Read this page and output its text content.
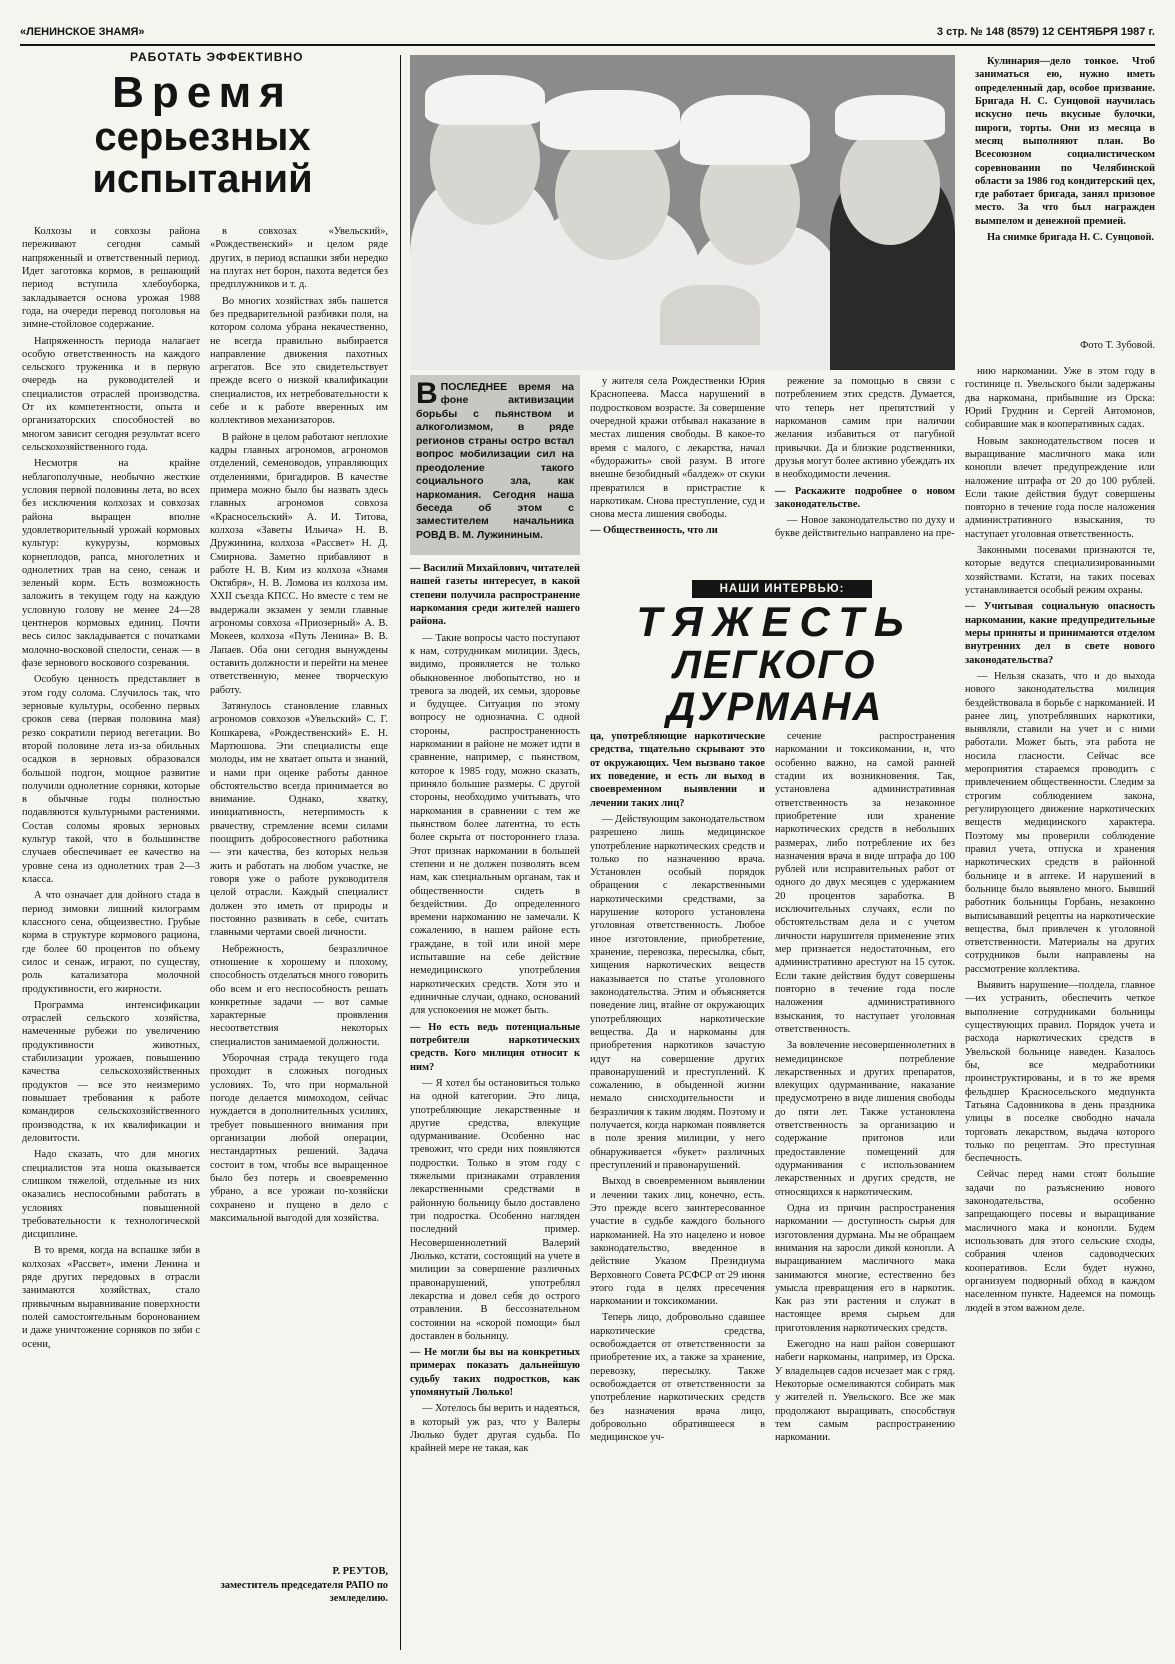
«ЛЕНИНСКОЕ ЗНАМЯ»	3 стр. № 148 (8579) 12 СЕНТЯБРЯ 1987 г.
РАБОТАТЬ ЭФФЕКТИВНО
Время
серьезных
испытаний

Колхозы и совхозы района переживают сегодня самый напряженный и ответственный период. Идет заготовка кормов, в решающий период вступила хлебоуборка, закладывается основа урожая 1988 года, на очереди перевод поголовья на зимне-стойловое содержание.

Напряженность периода налагает особую ответственность на каждого сельского труженика и в первую очередь на руководителей и специалистов отраслей производства. От их компетентности, опыта и организаторских способностей во многом зависит сегодня результат всего сельскохозяйственного года.

Несмотря на крайне неблагополучные, необычно жесткие условия первой половины лета, во всех без исключения колхозах и совхозах района выращен вполне удовлетворительный урожай кормовых культур: кукурузы, кормовых корнеплодов, рапса, многолетних и однолетних трав на сено, сенаж и зеленый корм. Есть возможность заложить в текущем году на каждую условную голову не менее 24—28 центнеров кормовых единиц. Почти весь силос закладывается с початками молочно-восковой спелости, сенаж — в фазе зернового воскового созревания.

Особую ценность представляет в этом году солома. Случилось так, что зерновые культуры, особенно первых сроков сева (первая половина мая) резко сократили период вегетации. Во второй половине лета из-за обильных осадков в зерновых образовался большой подгон, мощное развитие получили однолетние сорняки, которые в обычные годы полностью подавляются культурными растениями. Состав соломы яровых зерновых культур такой, что в большинстве случаев обеспечивает ее качество на уровне сена из однолетних трав 2—3 класса.

А что означает для дойного стада в период зимовки лишний килограмм классного сена, общеизвестно. Грубые корма в структуре кормового рациона, где более 60 процентов по объему силос и сенаж, играют, по существу, роль катализатора молочной продуктивности, его жирности.

Программа интенсификации отраслей сельского хозяйства, намеченные рубежи по увеличению продуктивности животных, стабилизации урожаев, повышению качества сельскохозяйственных продуктов — все это неизмеримо повышает требования к работе командиров сельскохозяйственного производства, к их квалификации и деловитости.

Надо сказать, что для многих специалистов эта ноша оказывается слишком тяжелой, отдельные из них оказались неспособными работать в условиях повышенной требовательности к технологической дисциплине.

В то время, когда на вспашке зяби в колхозах «Рассвет», имени Ленина и ряде других передовых в отрасли занимаются хозяйствах, стало привычным выравнивание поверхности полей самостоятельным боронованием и даже уничтожение сорняков по зяби с осени,

в совхозах «Увельский», «Рождественский» и целом ряде других, в период вспашки зяби нередко на плугах нет борон, пахота ведется без предплужников и т. д.

Во многих хозяйствах зябь пашется без предварительной разбивки поля, на котором солома убрана некачественно, не всегда правильно выбирается направление движения пахотных агрегатов. Все это свидетельствует прежде всего о низкой квалификации специалистов, их нетребовательности к себе и к работе вверенных им коллективов механизаторов.

В районе в целом работают неплохие кадры главных агрономов, агрономов отделений, семеноводов, управляющих отделениями, бригадиров. В качестве примера можно было бы назвать здесь главных агрономов совхоза «Красносельский» А. И. Титова, колхоза «Заветы Ильича» Н. В. Дружинина, колхоза «Рассвет» Н. Д. Смирнова. Заметно прибавляют в работе Н. В. Ким из колхоза «Знамя Октября», Н. В. Ломова из колхоза им. XXII съезда КПСС. Но вместе с тем не выдержали экзамен у земли главные агрономы совхоза «Приозерный» А. В. Мокеев, колхоза «Путь Ленина» В. В. Лапаев. Оба они сегодня вынуждены оставить должности и перейти на менее ответственную, менее творческую работу.

Затянулось становление главных агрономов совхозов «Увельский» С. Г. Кошкарева, «Рождественский» Е. Н. Мартюшова. Эти специалисты еще молоды, им не хватает опыта и знаний, и нами при оценке работы данное обстоятельство всегда принимается во внимание. Однако, хватку, инициативность, нетерпимость к рвачеству, стремление всеми силами поощрить добросовестного работника — эти качества, без которых нельзя жить и работать на любом участке, не говоря уже о работе руководителя целой отрасли. Каждый специалист должен это иметь от природы и постоянно развивать в себе, считать главными чертами своей личности.

Небрежность, безразличное отношение к хорошему и плохому, способность отделаться много говорить обо всем и его неспособность решать конкретные задачи — вот самые характерные проявления несоответствия некоторых специалистов занимаемой должности.

Уборочная страда текущего года проходит в сложных погодных условиях. То, что при нормальной погоде делается мимоходом, сейчас нуждается в дополнительных усилиях, требует повышенного внимания при организации любой операции, нестандартных решений. Задача состоит в том, чтобы все выращенное было без потерь и своевременно убрано, а все урожаи по-хозяйски сохранено и пущено в дело с максимальной выгодой для хозяйства.

Р. РЕУТОВ,
заместитель председателя РАПО по земледелию.

Кулинария—дело тонкое. Чтоб заниматься ею, нужно иметь определенный дар, особое призвание. Бригада Н. С. Сунцовой научилась искусно печь вкусные булочки, пироги, торты. Они из месяца в месяц выполняют план. Во Всесоюзном социалистическом соревновании по Челябинской области за 1986 год кондитерский цех, где работает бригада, занял призовое место. За что был награжден вымпелом и денежной премией.

На снимке бригада Н. С. Сунцовой.

Фото Т. Зубовой.
В ПОСЛЕДНЕЕ время на фоне активизации борьбы с пьянством и алкоголизмом, в ряде регионов страны остро встал вопрос мобилизации сил на преодоление такого социального зла, как наркомания. Сегодня наша беседа об этом с заместителем начальника РОВД В. М. Лужининым.

— Василий Михайлович, читателей нашей газеты интересует, в какой степени получила распространение наркомания среди жителей нашего района.

— Такие вопросы часто поступают к нам, сотрудникам милиции. Здесь, видимо, проявляется не только обыкновенное любопытство, но и тревога за людей, их семьи, здоровье и будущее. Ситуация по этому вопросу не однозначна. С одной стороны, распространенность наркомании в районе не может идти в сравнение, например, с пьянством, которое к 1985 году, можно сказать, приняло большие размеры. С другой стороны, необходимо учитывать, что наркомания в сравнении с тем же пьянством более латентна, то есть более скрыта от постороннего глаза. Этот признак наркомании в большей степени и не должен позволять всем нам, как специальным органам, так и общественности сидеть в бездействии. До определенного времени наркоманию не замечали. К сожалению, в нашем районе есть граждане, в той или иной мере испытавшие на себе действие немедицинского употребления наркотических средств. Хотя это и единичные случаи, однако, оснований для успокоения не может быть.

— Но есть ведь потенциальные потребители наркотических средств. Кого милиция относит к ним?

— Я хотел бы остановиться только на одной категории. Это лица, употребляющие лекарственные и другие средства, влекущие одурманивание. Особенно нас тревожит, что среди них появляются подростки. Только в этом году с тяжелыми признаками отравления лекарственными средствами в районную больницу было доставлено три подростка. Особенно нагляден последний пример. Несовершеннолетний Валерий Люлько, кстати, состоящий на учете в милиции за совершение различных правонарушений, употреблял лекарства и довел себя до острого отравления. В бессознательном состоянии на «скорой помощи» был доставлен в больницу.

— Не могли бы вы на конкретных примерах показать дальнейшую судьбу таких подростков, как упомянутый Люлько!

— Хотелось бы верить и надеяться, в который уж раз, что у Валеры Люлько будет другая судьба. По крайней мере не такая, как

у жителя села Рождественки Юрия Краснопеева. Масса нарушений в подростковом возрасте. За совершение очередной кражи отбывал наказание в местах лишения свободы. В какое-то время с малого, с лекарства, начал «будоражить» свой разум. В итоге внешне безобидный «балдеж» от скуки превратился в пристрастие к наркотикам. Снова преступление, суд и снова места лишения свободы.

— Общественность, что ли

режение за помощью в связи с потреблением этих средств. Думается, что теперь нет препятствий у наркоманов самим при наличии желания избавиться от пагубной привычки. Да и близкие родственники, друзья могут более активно убеждать их в необходимости лечения.

— Раскажите подробнее о новом законодательстве.

— Новое законодательство по духу и букве действительно направлено на пре-

НАШИ ИНТЕРВЬЮ:
ТЯЖЕСТЬ
ЛЕГКОГО ДУРМАНА

ца, употребляющие наркотические средства, тщательно скрывают это от окружающих. Чем вызвано такое их поведение, и есть ли выход в своевременном выявлении и лечении таких лиц?

— Действующим законодательством разрешено лишь медицинское употребление наркотических средств и только по назначению врача. Установлен особый порядок обращения с лекарственными наркотическими средствами, за нарушение которого установлена уголовная ответственность. Любое иное изготовление, приобретение, хранение, перевозка, пересылка, сбыт, хищения наркотических веществ наказывается по статье уголовного законодательства. Этим и объясняется поведение лиц, втайне от окружающих употребляющих наркотические вещества. Да и наркоманы для приобретения наркотиков зачастую идут на совершение других правонарушений и преступлений. К сожалению, в обыденной жизни немало снисходительности и безразличия к таким людям. Поэтому и получается, когда наркоман появляется в поле зрения милиции, у него обнаруживается «букет» различных преступлений и правонарушений.

Выход в своевременном выявлении и лечении таких лиц, конечно, есть. Это прежде всего заинтересованное участие в судьбе каждого больного наркоманией. На это нацелено и новое законодательство, введенное в действие Указом Президиума Верховного Совета РСФСР от 29 июня этого года в целях пресечения наркомании и токсикомании.

Теперь лицо, добровольно сдавшее наркотические средства, освобождается от ответственности за приобретение их, а также за хранение, перевозку, пересылку. Также освобождается от ответственности за употребление наркотических средств без назначения врача лицо, добровольно обратившееся в медицинское уч-

сечение распространения наркомании и токсикомании, и, что особенно важно, на самой ранней стадии их возникновения. Так, установлена административная ответственность за незаконное приобретение или хранение наркотических средств в небольших размерах, либо потребление их без назначения врача в виде штрафа до 100 рублей или исправительных работ от одного до двух месяцев с удержанием 20 процентов заработка. В исключительных случаях, если по обстоятельствам дела и с учетом личности нарушителя применение этих мер признается недостаточным, его административно арестуют на 15 суток. Если такие действия будут совершены повторно в течение года после наложения административного взыскания, то наступает уголовная ответственность.

За вовлечение несовершеннолетних в немедицинское потребление лекарственных и других препаратов, влекущих одурманивание, наказание предусмотрено в виде лишения свободы до пяти лет. Также установлена ответственность за организацию и содержание притонов или предоставление помещений для одурманивания с использованием лекарственных и других средств, не относящихся к наркотическим.

Одна из причин распространения наркомании — доступность сырья для изготовления дурмана. Мы не обращаем внимания на заросли дикой конопли. А выращиванием масличного мака занимаются многие, естественно без умысла превращения его в наркотик. Как раз эти растения и служат в настоящее время сырьем для приготовления наркотических средств.

Ежегодно на наш район совершают набеги наркоманы, например, из Орска. У владельцев садов исчезает мак с гряд. Некоторые осмеливаются собирать мак у жителей п. Увельского. Все же мак продолжают выращивать, способствуя тем самым распространению наркомании.

нию наркомании. Уже в этом году в гостинице п. Увельского были задержаны два наркомана, прибывшие из Орска: Юрий Груднин и Сергей Автомонов, собиравшие мак в кооперативных садах.

Новым законодательством посев и выращивание масличного мака или конопли влечет предупреждение или наложение штрафа от 20 до 100 рублей. Если такие действия будут совершены повторно в течение года после наложения административного взыскания, то наступает уголовная ответственность.

Законными посевами признаются те, которые ведутся специализированными хозяйствами. Кстати, на таких посевах устанавливается особый режим охраны.

— Учитывая социальную опасность наркомании, какие предупредительные меры приняты и принимаются отделом внутренних дел в свете нового законодательства?

— Нельзя сказать, что и до выхода нового законодательства милиция бездействовала в борьбе с наркоманией. И ранее лиц, употреблявших наркотики, выявляли, ставили на учет и с ними работали. Может быть, эта работа не носила гласности. Сейчас все мероприятия стараемся проводить с привлечением общественности. Следим за строгим соблюдением закона, регулирующего движение наркотических веществ медицинского характера. Поэтому мы проверили соблюдение правил учета, отпуска и хранения наркотических средств в районной больнице и в аптеке. И нарушений в больнице было выявлено много. Бывший работник больницы Горбань, незаконно выписывавший рецепты на наркотические вещества, был привлечен к уголовной ответственности. Материалы на других сотрудников были направлены на рассмотрение коллектива.

Выявить нарушение—полдела, главное—их устранить, обеспечить четкое выполнение сотрудниками больницы существующих правил. Порядок учета и расхода наркотических средств в Увельской больнице наведен. Казалось бы, все медработники проинструктированы, и в то же время фельдшер Красносельского медпункта Татьяна Садовникова в день праздника улицы в поселке свободно начала торговать лекарством, выдача которого только по рецептам. Это преступная беспечность.

Сейчас перед нами стоят большие задачи по разъяснению нового законодательства, особенно запрещающего посевы и выращивание масличного мака и конопли. Будем использовать для этого сельские сходы, собрания членов садоводческих кооперативов. Если будет нужно, организуем подворный обход в каждом населенном пункте. Надеемся на помощь людей в этом важном деле.
